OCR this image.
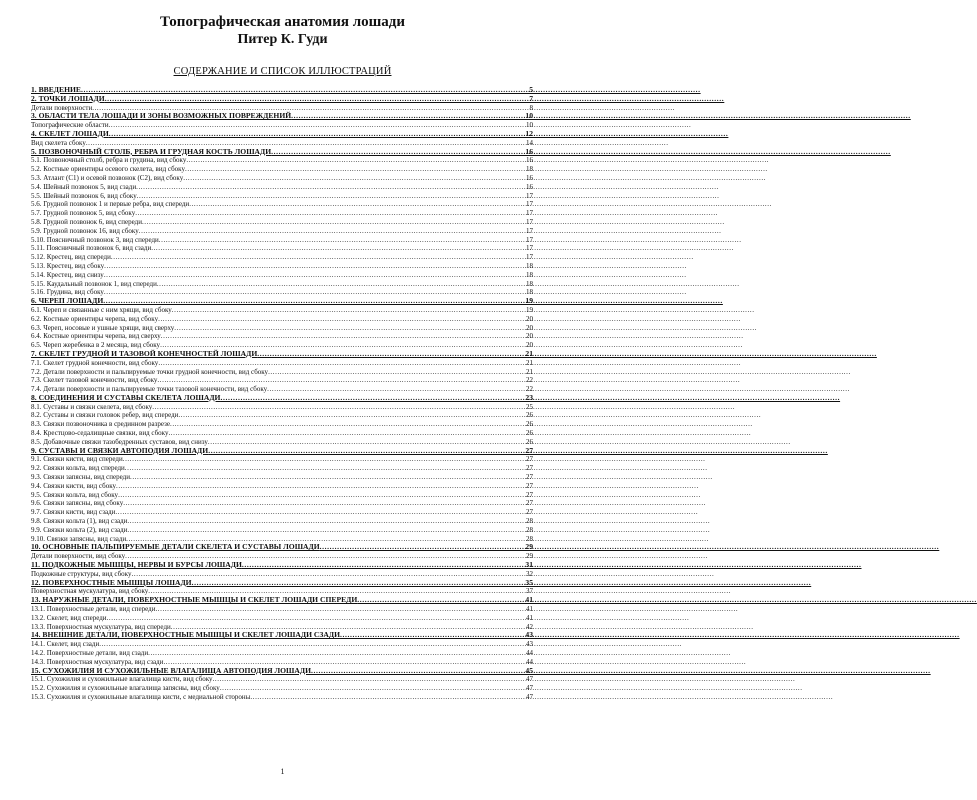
Топографическая анатомия лошади
Питер К. Гуди
СОДЕРЖАНИЕ И СПИСОК ИЛЛЮСТРАЦИЙ
1. ВВЕДЕНИЕ .....	5
2. ТОЧКИ ЛОШАДИ .....	7
Детали поверхности .....	8
3. ОБЛАСТИ ТЕЛА ЛОШАДИ И ЗОНЫ ВОЗМОЖНЫХ ПОВРЕЖДЕНИЙ .....	10
Топографические области .....	10
4. СКЕЛЕТ ЛОШАДИ .....	12
Вид скелета сбоку .....	14
5. ПОЗВОНОЧНЫЙ СТОЛБ, РЕБРА И ГРУДНАЯ КОСТЬ ЛОШАДИ .....	16
5.1. Позвоночный столб, ребра и грудина, вид сбоку .....	16
5.2. Костные ориентиры осевого скелета, вид сбоку .....	18
5.3. Атлант (С1) и осевой позвонок (С2), вид сбоку .....	16
5.4. Шейный позвонок 5, вид сзади .....	16
5.5. Шейный позвонок 6, вид сбоку .....	17
5.6. Грудной позвонок 1 и первые ребра, вид спереди .....	17
5.7. Грудной позвонок 5, вид сбоку .....	17
5.8. Грудной позвонок 6, вид спереди .....	17
5.9. Грудной позвонок 16, вид сбоку .....	17
5.10. Поясничный позвонок 3, вид спереди .....	17
5.11. Поясничный позвонок 6, вид сзади .....	17
5.12. Крестец, вид спереди .....	17
5.13. Крестец, вид сбоку .....	18
5.14. Крестец, вид снизу .....	18
5.15. Каудальный позвонок 1, вид спереди .....	18
5.16. Грудина, вид сбоку .....	18
6. ЧЕРЕП ЛОШАДИ .....	19
6.1. Череп и связанные с ним хрящи, вид сбоку .....	19
6.2. Костные ориентиры черепа, вид сбоку .....	20
6.3. Череп, носовые и ушные хрящи, вид сверху .....	20
6.4. Костные ориентиры черепа, вид сверху .....	20
6.5. Череп жеребенка в 2 месяца, вид сбоку .....	20
7. СКЕЛЕТ ГРУДНОЙ И ТАЗОВОЙ КОНЕЧНОСТЕЙ ЛОШАДИ .....	21
7.1. Скелет грудной конечности, вид сбоку .....	21
7.2. Детали поверхности и пальпируемые точки грудной конечности, вид сбоку .....	21
7.3. Скелет тазовой конечности, вид сбоку .....	22
7.4. Детали поверхности и пальпируемые точки тазовой конечности, вид сбоку .....	22
8. СОЕДИНЕНИЯ И СУСТАВЫ СКЕЛЕТА ЛОШАДИ .....	23
8.1. Суставы и связки скелета, вид сбоку .....	25
8.2. Суставы и связки головок ребер, вид спереди .....	26
8.3. Связки позвоночника в срединном разрезе .....	26
8.4. Крестцово-седалищные связки, вид сбоку .....	26
8.5. Добавочные связки тазобедренных суставов, вид снизу .....	26
9. СУСТАВЫ И СВЯЗКИ АВТОПОДИЯ ЛОШАДИ .....	27
9.1. Связки кисти, вид спереди .....	27
9.2. Связки кольта, вид спереди .....	27
9.3. Связки запясны, вид спереди .....	27
9.4. Связки кисти, вид сбоку .....	27
9.5. Связки кольта, вид сбоку .....	27
9.6. Связки запясны, вид сбоку .....	27
9.7. Связки кисти, вид сзади .....	27
9.8. Связки кольта (1), вид сзади .....	28
9.9. Связки кольта (2), вид сзади .....	28
9.10. Связки запясны, вид сзади .....	28
10. ОСНОВНЫЕ ПАЛЬПИРУЕМЫЕ ДЕТАЛИ СКЕЛЕТА И СУСТАВЫ ЛОШАДИ .....	29
Детали поверхности, вид сбоку .....	29
11. ПОДКОЖНЫЕ МЫШЦЫ, НЕРВЫ И БУРСЫ ЛОШАДИ .....	31
Подкожные структуры, вид сбоку .....	32
12. ПОВЕРХНОСТНЫЕ МЫШЦЫ ЛОШАДИ .....	35
Поверхностная мускулатура, вид сбоку .....	37
13. НАРУЖНЫЕ ДЕТАЛИ, ПОВЕРХНОСТНЫЕ МЫШЦЫ И СКЕЛЕТ ЛОШАДИ СПЕРЕДИ .....	41
13.1. Поверхностные детали, вид спереди .....	41
13.2. Скелет, вид спереди .....	41
13.3. Поверхностная мускулатура, вид спереди .....	42
14. ВНЕШНИЕ ДЕТАЛИ, ПОВЕРХНОСТНЫЕ МЫШЦЫ И СКЕЛЕТ ЛОШАДИ СЗАДИ .....	43
14.1. Скелет, вид сзади .....	43
14.2. Поверхностные детали, вид сзади .....	44
14.3. Поверхностная мускулатура, вид сзади .....	44
15. СУХОЖИЛИЯ И СУХОЖИЛЬНЫЕ ВЛАГАЛИЩА АВТОПОДИЯ ЛОШАДИ .....	45
15.1. Сухожилия и сухожильные влагалища кисти, вид сбоку .....	47
15.2. Сухожилия и сухожильные влагалища запясны, вид сбоку .....	47
15.3. Сухожилия и сухожильные влагалища кисти, с медиальной стороны .....	47
1
